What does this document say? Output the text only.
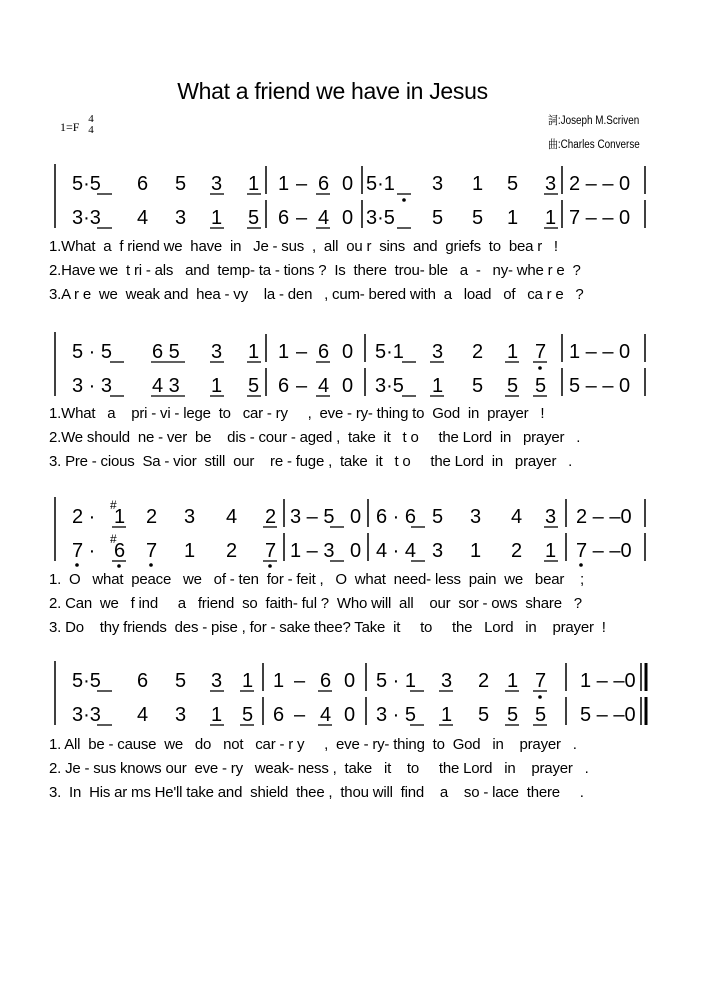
What a friend we have in Jesus
詞:Joseph M.Scriven
曲:Charles Converse
1=F
4
4
5·5 6 5 3 1 1 – 6 0 5·1 3 1 5 3 2 – – 0
3·3 4 3 1 5 6 – 4 0 3·5 5 5 1 1 7 – – 0
1.What  a  f riend we  have  in   Je - sus  ,  all  ou r  sins  and  griefs  to  bea r   !
2.Have we  t ri - als   and  temp- ta - tions ?  Is  there  trou- ble   a  -   ny- whe r e  ?
3.A r e  we  weak and  hea - vy    la - den   , cum- bered with  a   load   of   ca r e   ?
5 · 5 6 5 3 1 1 – 6 0 5·1 3 2 1 7 1 – – 0
3 · 3 4 3 1 5 6 – 4 0 3·5 1 5 5 5 5 – – 0
1.What   a    pri - vi - lege  to   car - ry     ,  eve - ry- thing to  God  in  prayer   !
2.We should  ne - ver  be    dis - cour - aged ,  take  it   t o     the Lord  in   prayer   .
3. Pre - cious  Sa - vior  still  our    re - fuge ,  take  it   t o     the Lord  in   prayer   .
2 ·
#
1 2 3 4 2 3 – 5 0 6 · 6 5 3 4 3 2 – –0
7 ·
#
6 7 1 2 7 1 – 3 0 4 · 4 3 1 2 1 7 – –0
1.  O   what  peace   we   of - ten  for - feit ,   O  what  need- less  pain  we   bear    ;
2. Can  we   f ind     a   friend  so  faith- ful ?  Who will  all    our  sor - ows  share   ?
3. Do    thy friends  des - pise , for - sake thee? Take  it     to     the   Lord   in    prayer  !
5·5 6 5 3 1 1 – 6 0 5 · 1 3 2 1 7 1 – –0
3·3 4 3 1 5 6 – 4 0 3 · 5 1 5 5 5 5 – –0
1. All  be - cause  we   do   not   car - r y     ,  eve - ry- thing  to  God   in    prayer   .
2. Je - sus knows our  eve - ry   weak- ness ,  take   it    to     the Lord   in    prayer   .
3.  In  His ar ms He'll take and  shield  thee ,  thou will  find    a    so - lace  there     .
